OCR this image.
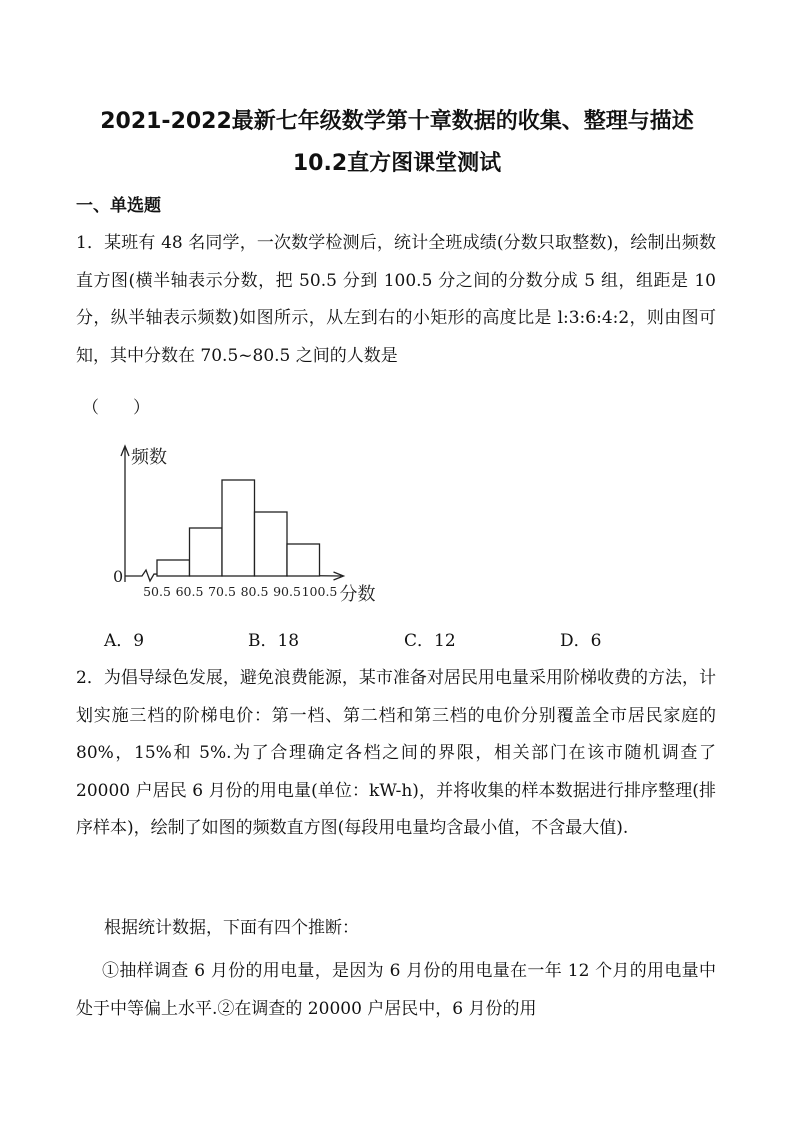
2021-2022最新七年级数学第十章数据的收集、整理与描述
10.2直方图课堂测试
一、单选题

1．某班有 48 名同学，一次数学检测后，统计全班成绩(分数只取整数)，绘制出频数直方图(横半轴表示分数，把 50.5 分到 100.5 分之间的分数分成 5 组，组距是 10 分，纵半轴表示频数)如图所示，从左到右的小矩形的高度比是 l:3:6:4:2，则由图可知，其中分数在 70.5~80.5 之间的人数是

（　　）
50.5 60.5 70.5 80.5 90.5 100.5
频数
分数
0
A．9	B．18	C．12	D．6

2．为倡导绿色发展，避免浪费能源，某市准备对居民用电量采用阶梯收费的方法，计划实施三档的阶梯电价：第一档、第二档和第三档的电价分别覆盖全市居民家庭的 80%，15%和 5%.为了合理确定各档之间的界限，相关部门在该市随机调查了 20000 户居民 6 月份的用电量(单位：kW-h)，并将收集的样本数据进行排序整理(排序样本)，绘制了如图的频数直方图(每段用电量均含最小值，不含最大值).

根据统计数据，下面有四个推断：

①抽样调查 6 月份的用电量，是因为 6 月份的用电量在一年 12 个月的用电量中处于中等偏上水平.②在调查的 20000 户居民中，6 月份的用
